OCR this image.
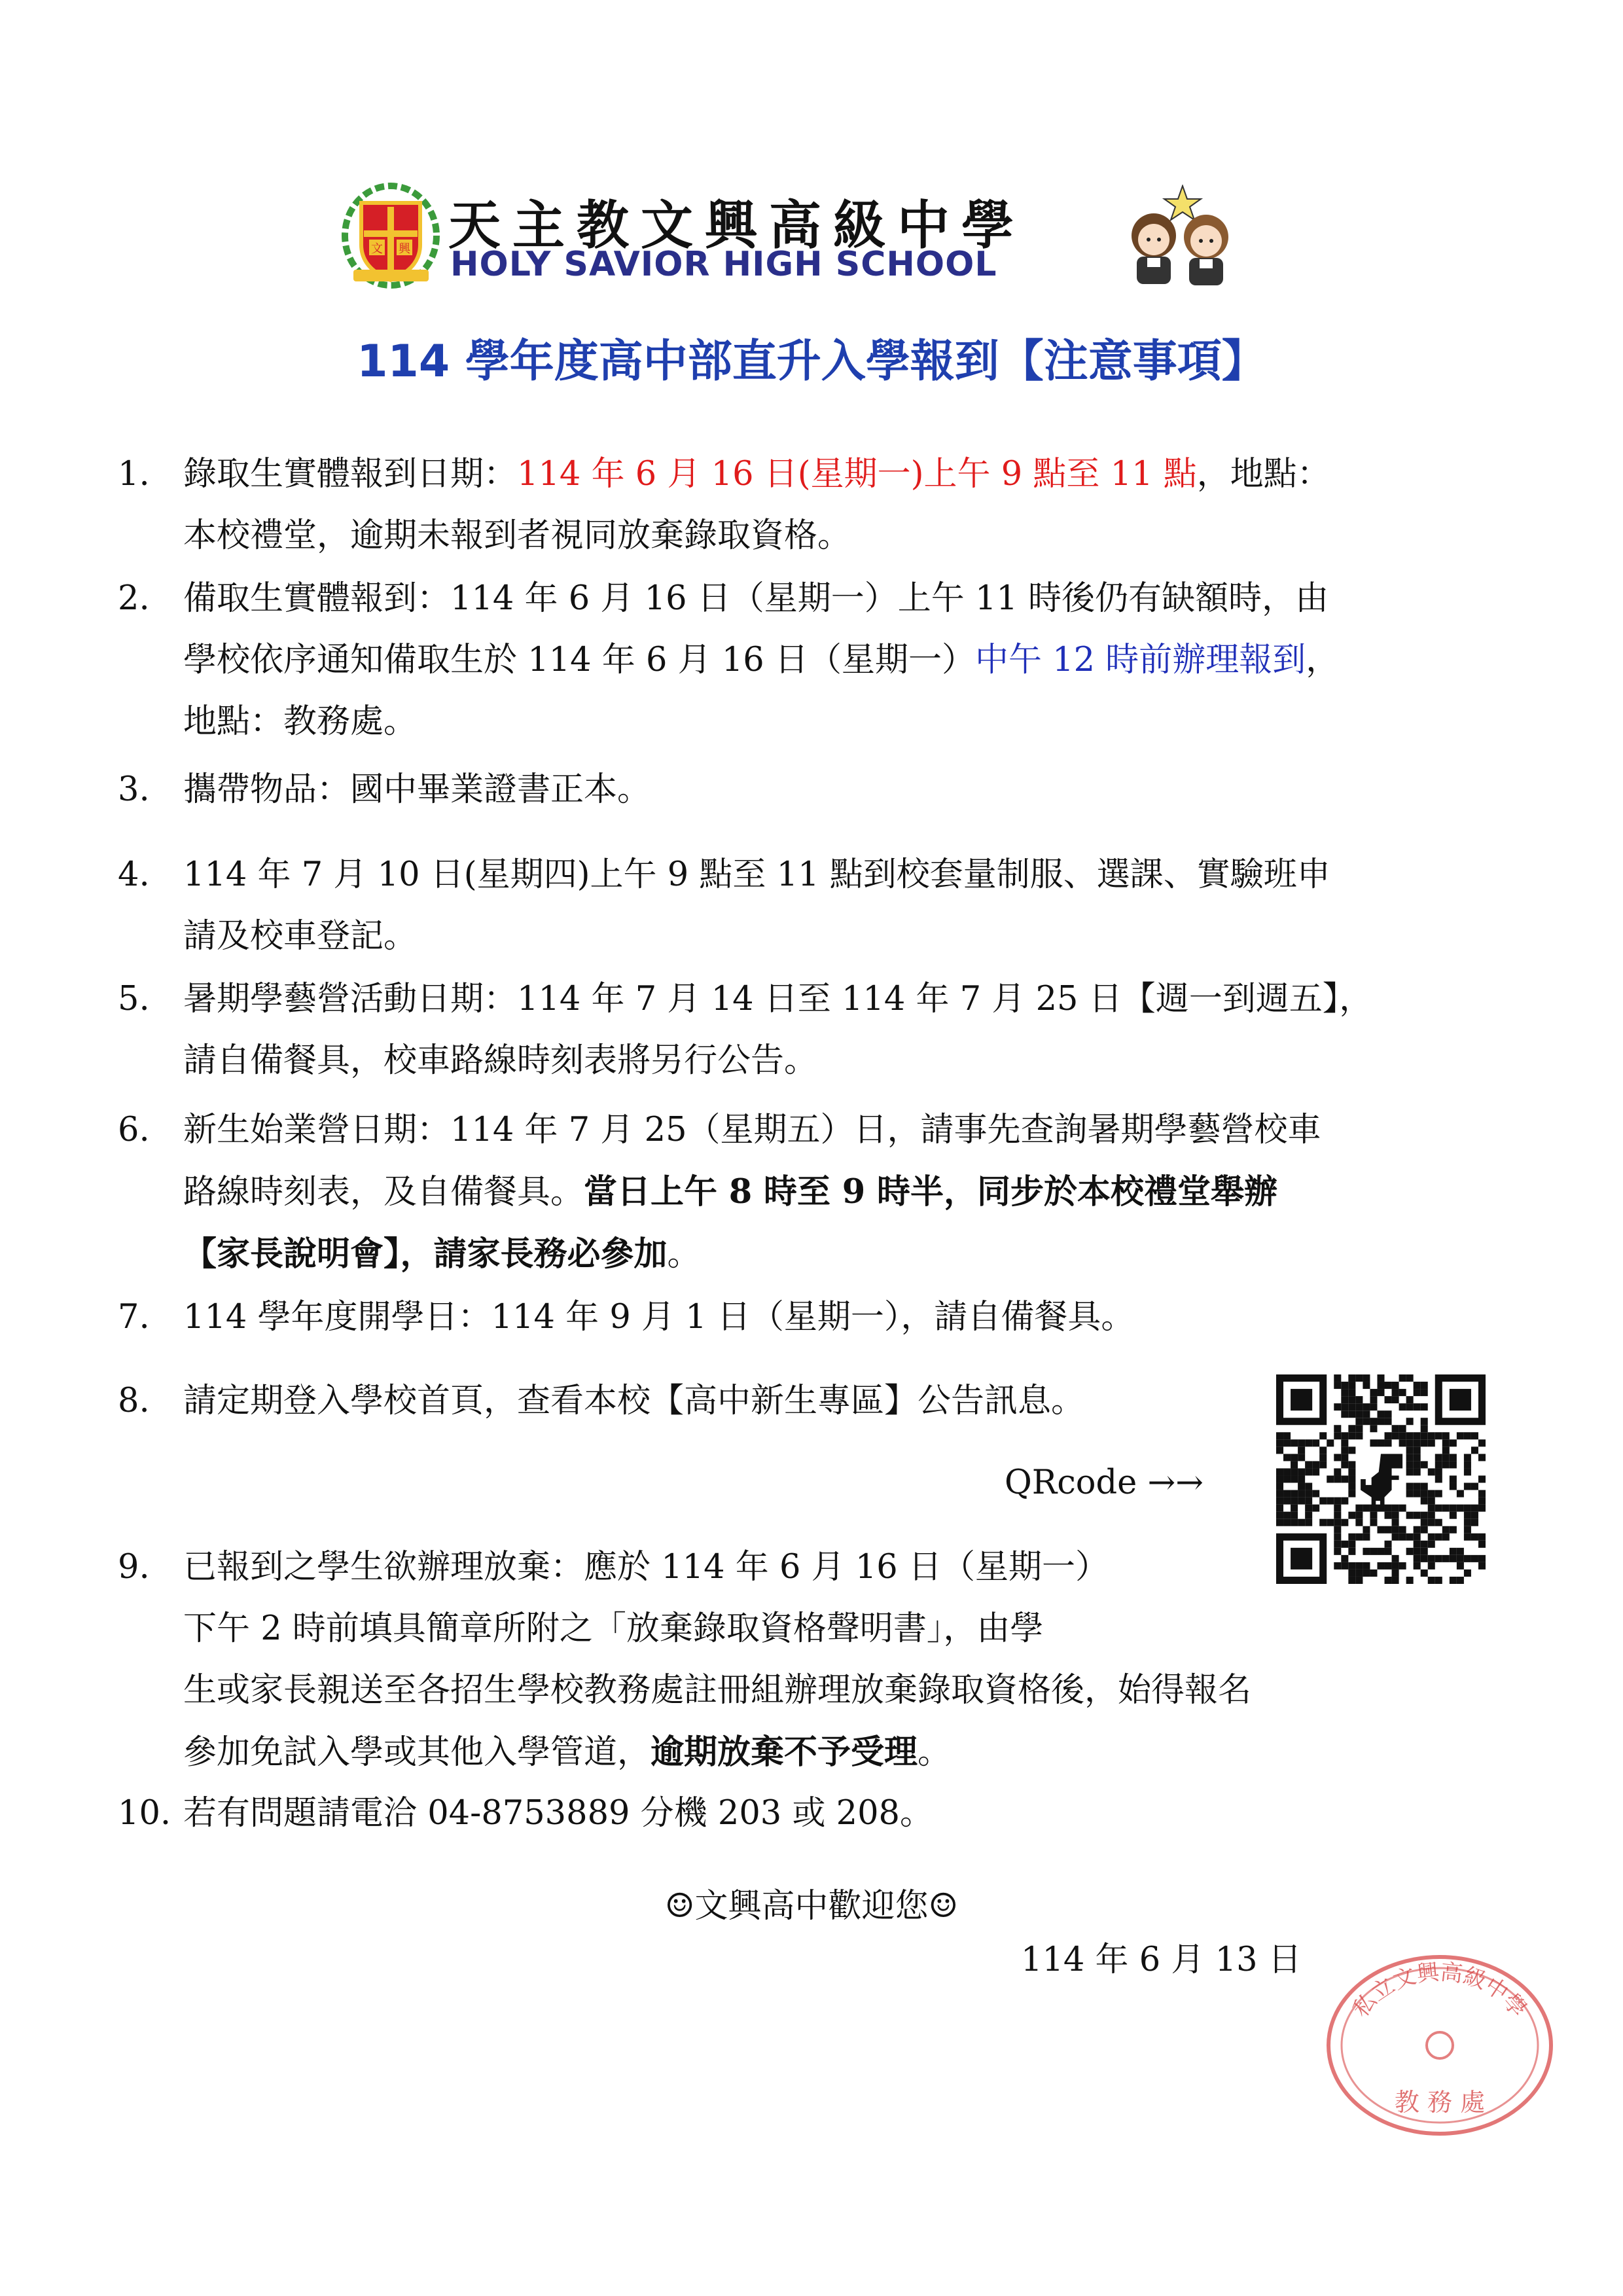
文 興 天主教文興高級中學
HOLY SAVIOR HIGH SCHOOL
114 學年度高中部直升入學報到【注意事項】
1. 錄取生實體報到日期：114 年 6 月 16 日(星期一)上午 9 點至 11 點，地點：
本校禮堂，逾期未報到者視同放棄錄取資格。
2. 備取生實體報到：114 年 6 月 16 日（星期一）上午 11 時後仍有缺額時，由
學校依序通知備取生於 114 年 6 月 16 日（星期一）中午 12 時前辦理報到，
地點：教務處。
3. 攜帶物品：國中畢業證書正本。
4. 114 年 7 月 10 日(星期四)上午 9 點至 11 點到校套量制服、選課、實驗班申
請及校車登記。
5. 暑期學藝營活動日期：114 年 7 月 14 日至 114 年 7 月 25 日【週一到週五】，
請自備餐具，校車路線時刻表將另行公告。
6. 新生始業營日期：114 年 7 月 25（星期五）日，請事先查詢暑期學藝營校車
路線時刻表，及自備餐具。當日上午 8 時至 9 時半，同步於本校禮堂舉辦
【家長說明會】，請家長務必參加。
7. 114 學年度開學日：114 年 9 月 1 日（星期一），請自備餐具。
8. 請定期登入學校首頁，查看本校【高中新生專區】公告訊息。
QRcode →→
9. 已報到之學生欲辦理放棄：應於 114 年 6 月 16 日（星期一）
下午 2 時前填具簡章所附之「放棄錄取資格聲明書」，由學
生或家長親送至各招生學校教務處註冊組辦理放棄錄取資格後，始得報名
參加免試入學或其他入學管道，逾期放棄不予受理。
10. 若有問題請電洽 04-8753889 分機 203 或 208。
☺文興高中歡迎您☺
114 年 6 月 13 日
私立文興高級中學
教 務 處
